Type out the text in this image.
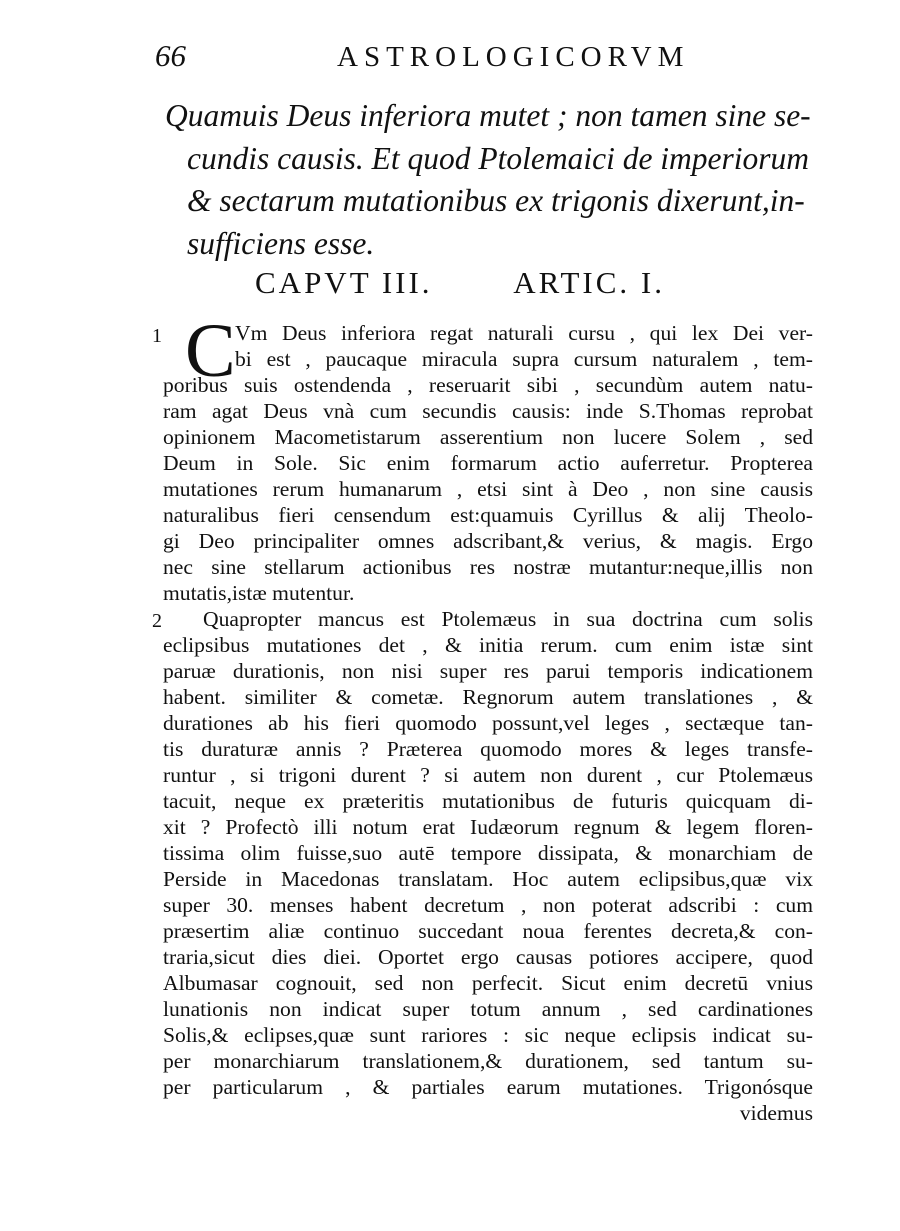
66	ASTROLOGICORVM
Quamuis Deus inferiora mutet ; non tamen sine se-
cundis causis. Et quod Ptolemaici de imperiorum
& sectarum mutationibus ex trigonis dixerunt,in-
sufficiens esse.
CAPVT III.	ARTIC. I.
1 C Vm Deus inferiora regat naturali cursu , qui lex Dei ver-
bi est , paucaque miracula supra cursum naturalem , tem-
poribus suis ostendenda , reseruarit sibi , secundùm autem natu-
ram agat Deus vnà cum secundis causis: inde S.Thomas reprobat
opinionem Macometistarum asserentium non lucere Solem , sed
Deum in Sole. Sic enim formarum actio auferretur. Propterea
mutationes rerum humanarum , etsi sint à Deo , non sine causis
naturalibus fieri censendum est:quamuis Cyrillus & alij Theolo-
gi Deo principaliter omnes adscribant,& verius, & magis. Ergo
nec sine stellarum actionibus res nostræ mutantur:neque,illis non
mutatis,istæ mutentur.
2	Quapropter mancus est Ptolemæus in sua doctrina cum solis
eclipsibus mutationes det , & initia rerum. cum enim istæ sint
paruæ durationis, non nisi super res parui temporis indicationem
habent. similiter & cometæ. Regnorum autem translationes , &
durationes ab his fieri quomodo possunt,vel leges , sectæque tan-
tis duraturæ annis ? Præterea quomodo mores & leges transfe-
runtur , si trigoni durent ? si autem non durent , cur Ptolemæus
tacuit, neque ex præteritis mutationibus de futuris quicquam di-
xit ? Profectò illi notum erat Iudæorum regnum & legem floren-
tissima olim fuisse,suo autē tempore dissipata, & monarchiam de
Perside in Macedonas translatam. Hoc autem eclipsibus,quæ vix
super 30. menses habent decretum , non poterat adscribi : cum
præsertim aliæ continuo succedant noua ferentes decreta,& con-
traria,sicut dies diei. Oportet ergo causas potiores accipere, quod
Albumasar cognouit, sed non perfecit. Sicut enim decretū vnius
lunationis non indicat super totum annum , sed cardinationes
Solis,& eclipses,quæ sunt rariores : sic neque eclipsis indicat su-
per monarchiarum translationem,& durationem, sed tantum su-
per particularum , & partiales earum mutationes. Trigonósque
videmus
